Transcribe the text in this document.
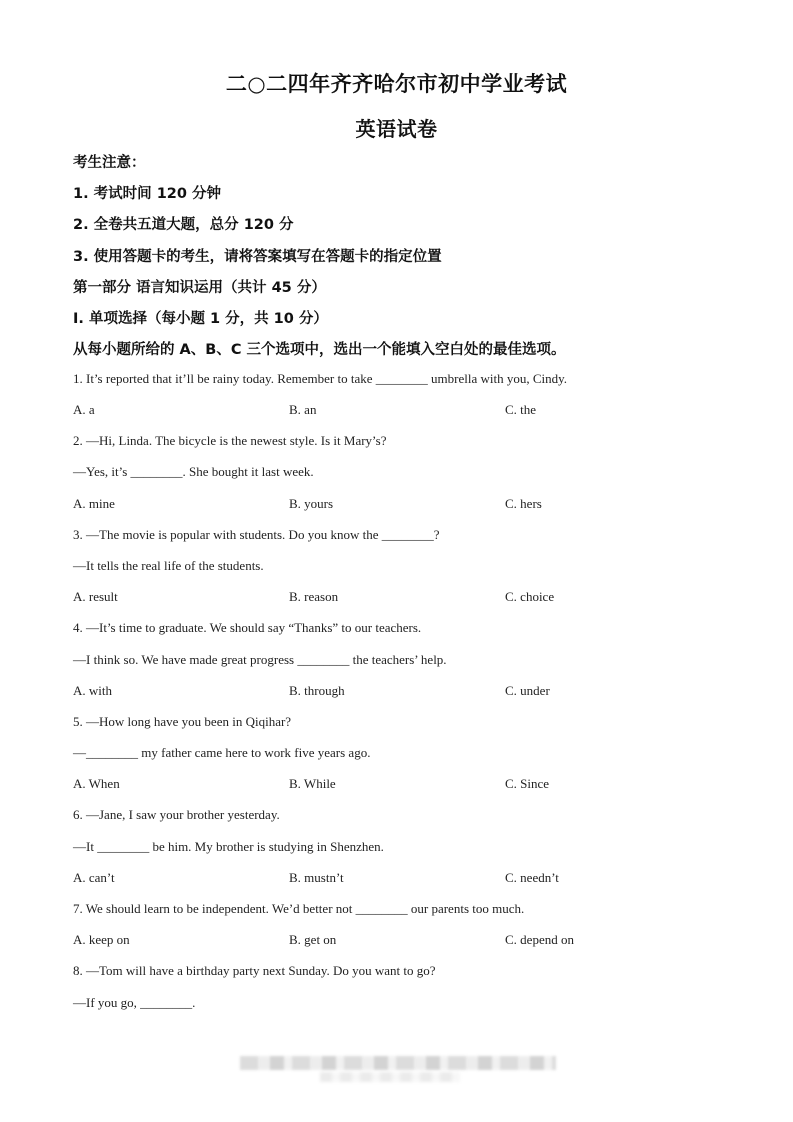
二○二四年齐齐哈尔市初中学业考试
英语试卷
考生注意：
1. 考试时间 120 分钟
2. 全卷共五道大题，总分 120 分
3. 使用答题卡的考生，请将答案填写在答题卡的指定位置
第一部分 语言知识运用（共计 45 分）
I. 单项选择（每小题 1 分，共 10 分）
从每小题所给的 A、B、C 三个选项中，选出一个能填入空白处的最佳选项。
1. It’s reported that it’ll be rainy today. Remember to take ________ umbrella with you, Cindy.
A. a	B. an	C. the
2. —Hi, Linda. The bicycle is the newest style. Is it Mary’s?
—Yes, it’s ________. She bought it last week.
A. mine	B. yours	C. hers
3. —The movie is popular with students. Do you know the ________?
—It tells the real life of the students.
A. result	B. reason	C. choice
4. —It’s time to graduate. We should say “Thanks” to our teachers.
—I think so. We have made great progress ________ the teachers’ help.
A. with	B. through	C. under
5. —How long have you been in Qiqihar?
—________ my father came here to work five years ago.
A. When	B. While	C. Since
6. —Jane, I saw your brother yesterday.
—It ________ be him. My brother is studying in Shenzhen.
A. can’t	B. mustn’t	C. needn’t
7. We should learn to be independent. We’d better not ________ our parents too much.
A. keep on	B. get on	C. depend on
8. —Tom will have a birthday party next Sunday. Do you want to go?
—If you go, ________.
